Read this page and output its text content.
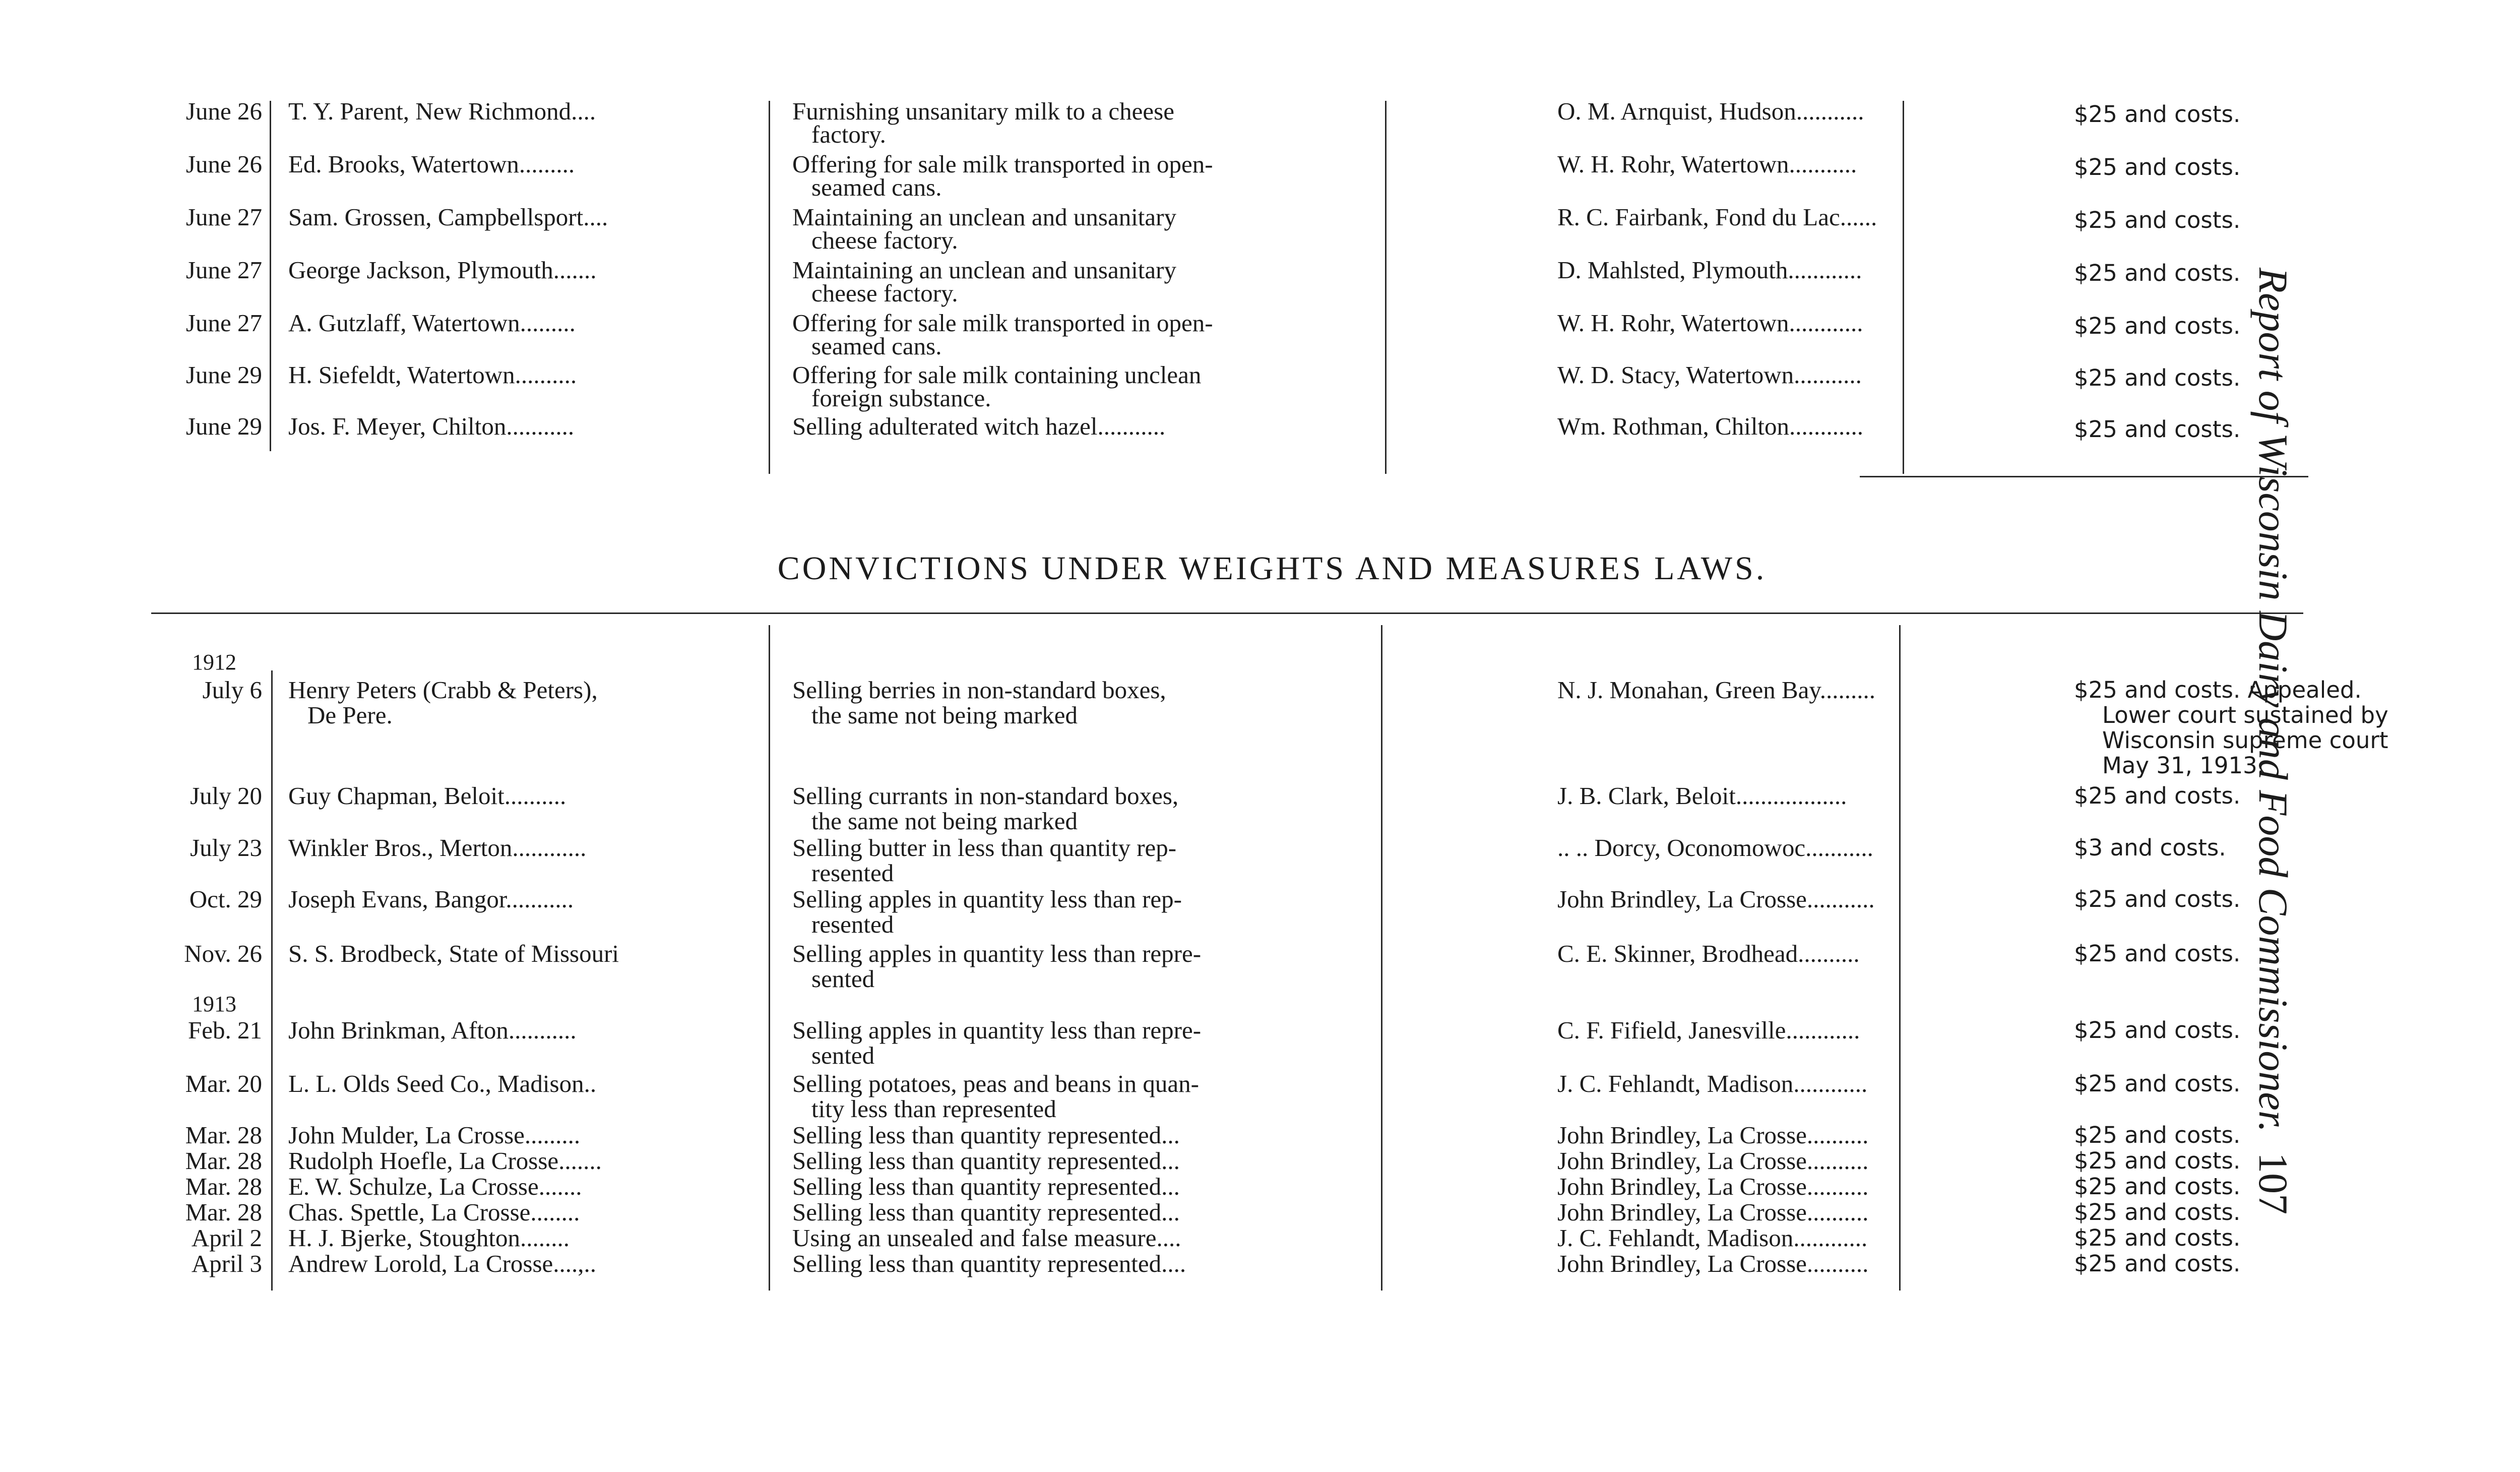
June 26 T. Y. Parent, New Richmond....	Furnishing unsanitary milk to a cheese
factory.
O. M. Arnquist, Hudson...........	$25 and costs.
June 26 Ed. Brooks, Watertown.........	Offering for sale milk transported in open-
seamed cans.
W. H. Rohr, Watertown...........	$25 and costs.
June 27 Sam. Grossen, Campbellsport....	Maintaining an unclean and unsanitary
cheese factory.
R. C. Fairbank, Fond du Lac......	$25 and costs.
June 27 George Jackson, Plymouth.......	Maintaining an unclean and unsanitary
cheese factory.
D. Mahlsted, Plymouth............	$25 and costs.
June 27 A. Gutzlaff, Watertown.........	Offering for sale milk transported in open-
seamed cans.
W. H. Rohr, Watertown............	$25 and costs.
June 29 H. Siefeldt, Watertown..........	Offering for sale milk containing unclean
foreign substance.
W. D. Stacy, Watertown...........	$25 and costs.
June 29 Jos. F. Meyer, Chilton...........	Selling adulterated witch hazel...........	Wm. Rothman, Chilton............	$25 and costs.
CONVICTIONS UNDER WEIGHTS AND MEASURES LAWS.
1912
1913
July 6 Henry Peters (Crabb & Peters),
De Pere.
Selling berries in non-standard boxes,
the same not being marked
N. J. Monahan, Green Bay.........	$25 and costs. Appealed.
Lower court sustained by
Wisconsin supreme court
May 31, 1913.
July 20 Guy Chapman, Beloit..........	Selling currants in non-standard boxes,
the same not being marked
J. B. Clark, Beloit..................	$25 and costs.
July 23 Winkler Bros., Merton............	Selling butter in less than quantity rep-
resented
.. .. Dorcy, Oconomowoc...........	$3 and costs.
Oct. 29 Joseph Evans, Bangor...........	Selling apples in quantity less than rep-
resented
John Brindley, La Crosse...........	$25 and costs.
Nov. 26 S. S. Brodbeck, State of Missouri	Selling apples in quantity less than repre-
sented
C. E. Skinner, Brodhead..........	$25 and costs.
Feb. 21 John Brinkman, Afton...........	Selling apples in quantity less than repre-
sented
C. F. Fifield, Janesville............	$25 and costs.
Mar. 20 L. L. Olds Seed Co., Madison..	Selling potatoes, peas and beans in quan-
tity less than represented
J. C. Fehlandt, Madison............	$25 and costs.
Mar. 28 John Mulder, La Crosse.........	Selling less than quantity represented...	John Brindley, La Crosse..........	$25 and costs.
Mar. 28 Rudolph Hoefle, La Crosse.......	Selling less than quantity represented...	John Brindley, La Crosse..........	$25 and costs.
Mar. 28 E. W. Schulze, La Crosse.......	Selling less than quantity represented...	John Brindley, La Crosse..........	$25 and costs.
Mar. 28 Chas. Spettle, La Crosse........	Selling less than quantity represented...	John Brindley, La Crosse..........	$25 and costs.
April 2 H. J. Bjerke, Stoughton........	Using an unsealed and false measure....	J. C. Fehlandt, Madison............	$25 and costs.
April 3 Andrew Lorold, La Crosse....,..	Selling less than quantity represented....	John Brindley, La Crosse..........	$25 and costs.
Report of Wisconsin Dairy and Food Commissioner.107
